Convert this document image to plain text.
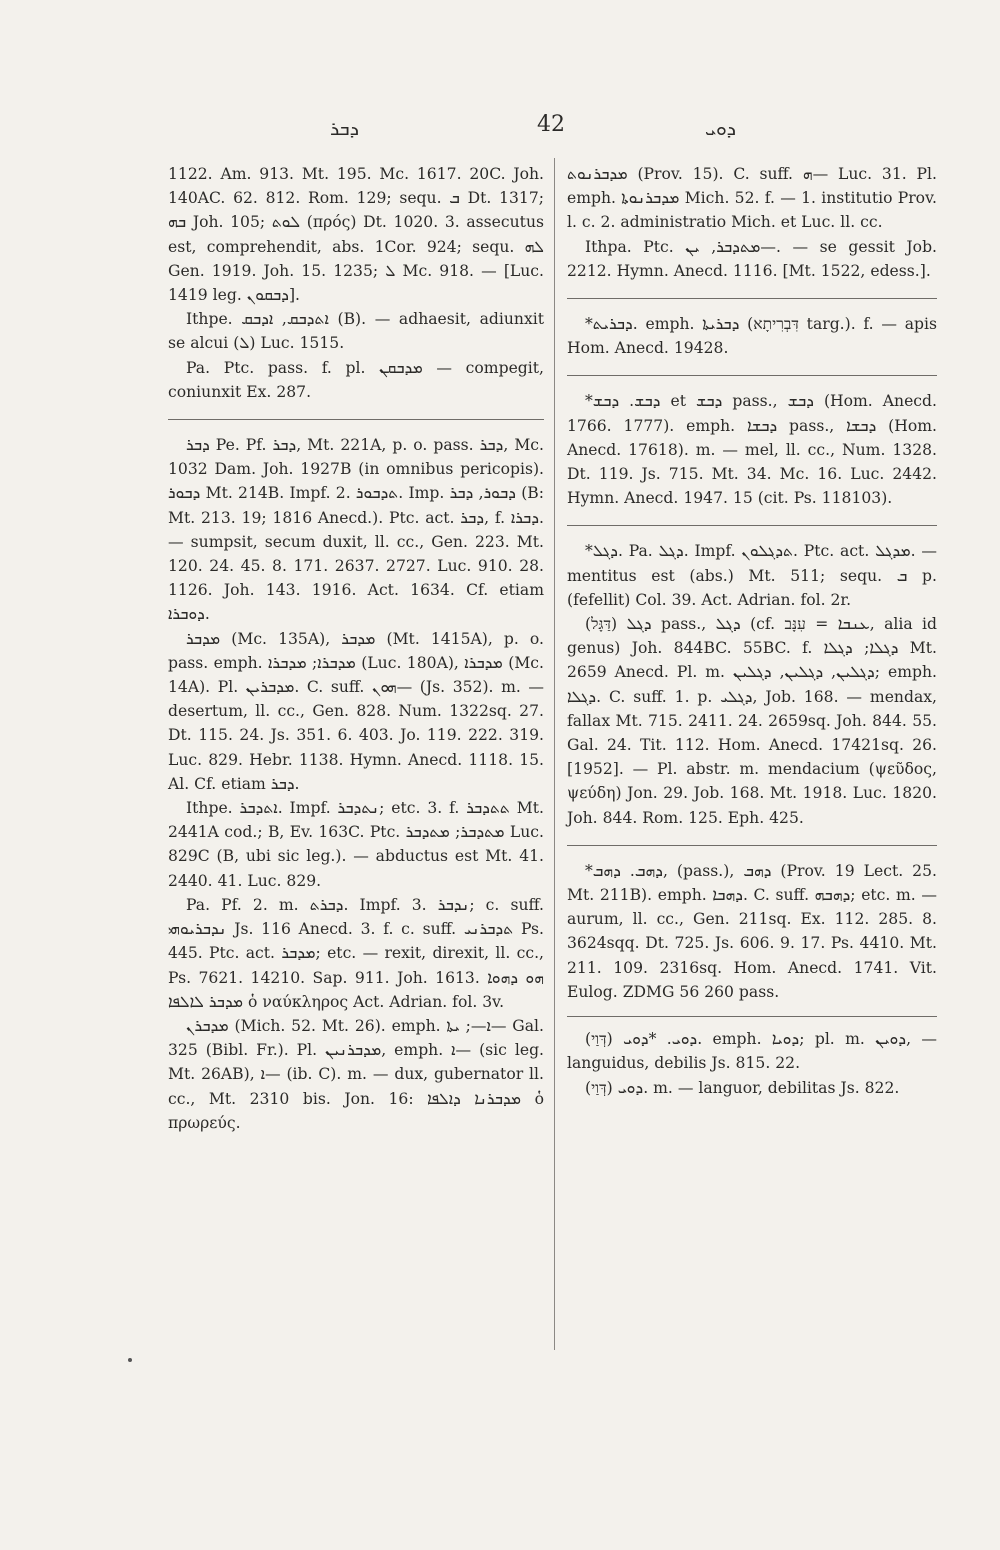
ܕܒܪ	42	ܕܘܝ

1122. Am. 913. Mt. 195. Mc. 1617. 20C. Joh. 140AC. 62. 812. Rom. 129; sequ. ܒ Dt. 1317; ܒܗ Joh. 105; ܠܘܬ (πρός) Dt. 1020. 3. assecutus est, comprehendit, abs. 1Cor. 924; sequ. ܠܗ Gen. 1919. Joh. 15. 1235; ܠ Mc. 918. — [Luc. 1419 leg. ܕܒܩܘܢ].

Ithpe. ܐܬܕܒܩ, ܐܕܒܩ (B). — adhaesit, adiunxit se alcui (ܠ) Luc. 1515.

Pa. Ptc. pass. f. pl. ܡܕܒܩܢ — compegit, coniunxit Ex. 287.

ܕܒܪ Pe. Pf. ܕܒܪ, Mt. 221A, p. o. pass. ܕܒܪ, Mc. 1032 Dam. Joh. 1927B (in omnibus pericopis). ܕܒܘܪ Mt. 214B. Impf. 2. ܬܕܒܘܪ. Imp. ܕܒܘܪ, ܕܒܪ (B: Mt. 213. 19; 1816 Anecd.). Ptc. act. ܕܒܪ, f. ܕܒܪܐ. — sumpsit, secum duxit, ll. cc., Gen. 223. Mt. 120. 24. 45. 8. 171. 2637. 2727. Luc. 910. 28. 1126. Joh. 143. 1916. Act. 1634. Cf. etiam ܕܘܒܪܐ.

ܡܕܒܪ (Mc. 135A), ܡܕܒܪ (Mt. 1415A), p. o. pass. emph. ܡܕܒܪܐ; ܡܕܒܪܐ (Luc. 180A), ܡܕܒܪܐ (Mc. 14A). Pl. ܡܕܒܪܝܢ. C. suff. ܗܘܢ— (Js. 352). m. — desertum, ll. cc., Gen. 828. Num. 1322sq. 27. Dt. 115. 24. Js. 351. 6. 403. Jo. 119. 222. 319. Luc. 829. Hebr. 1138. Hymn. Anecd. 1118. 15. Al. Cf. etiam ܕܒܪ.

Ithpe. ܐܬܕܒܪ. Impf. ܢܬܕܒܪ; etc. 3. f. ܬܬܕܒܪ Mt. 2441A cod.; B, Ev. 163C. Ptc. ܡܬܕܒܪ; ܡܬܕܒܪ Luc. 829C (B, ubi sic leg.). — abductus est Mt. 41. 2440. 41. Luc. 829.

Pa. Pf. 2. m. ܕܒܪܬ. Impf. 3. ܢܕܒܪ; c. suff. ܢܕܒܪܝܘܗܝ Js. 116 Anecd. 3. f. c. suff. ܬܕܒܪܢܝ Ps. 445. Ptc. act. ܡܕܒܪ; etc. — rexit, direxit, ll. cc., Ps. 7621. 14210. Sap. 911. Joh. 1613. ܗܘ ܕܗܘܐ ܡܕܒܪ ܠܐܠܦܐ ὁ ναύκληρος Act. Adrian. fol. 3v.

ܡܕܒܪܢ (Mich. 52. Mt. 26). emph. ܐ—; ܝܬܐ— Gal. 325 (Bibl. Fr.). Pl. ܡܕܒܪܢܝܢ, emph. ܐ— (sic leg. Mt. 26AB), ܐ— (ib. C). m. — dux, gubernator ll. cc., Mt. 2310 bis. Jon. 16: ܡܕܒܪܢܐ ܕܐܠܦܐ ὁ πρωρεύς.

ܡܕܒܪܢܘܬ (Prov. 15). C. suff. ܗ— Luc. 31. Pl. emph. ܡܕܒܪܢܘܬܐ Mich. 52. f. — 1. institutio Prov. l. c. 2. administratio Mich. et Luc. ll. cc.

Ithpa. Ptc. ܡܬܕܒܪ, ܝܢ—. — se gessit Job. 2212. Hymn. Anecd. 1116. [Mt. 1522, edess.].

*ܕܒܪܝܬ. emph. ܕܒܪܝܬܐ (דִּבְרִיתָא targ.). f. — apis Hom. Anecd. 19428.

*ܕܒܫ. ܕܒܫ et ܕܒܫ pass., ܕܒܫ (Hom. Anecd. 1766. 1777). emph. ܕܒܫܐ pass., ܕܒܫܐ (Hom. Anecd. 17618). m. — mel, ll. cc., Num. 1328. Dt. 119. Js. 715. Mt. 34. Mc. 16. Luc. 2442. Hymn. Anecd. 1947. 15 (cit. Ps. 118103).

*ܕܓܠ. Pa. ܕܓܠ. Impf. ܬܕܓܠܘܢ. Ptc. act. ܡܕܓܠ. — mentitus est (abs.) Mt. 511; sequ. ܒ p. (fefellit) Col. 39. Act. Adrian. fol. 2r.

ܕܓܠ (דַּגָּל) pass., ܕܓܠ (cf. ܥܢܒܐ = עִנָּב, alia id genus) Joh. 844BC. 55BC. f. ܕܓܠܐ; ܕܓܠܐ Mt. 2659 Anecd. Pl. m. ܕܓܠܝܢ, ܕܓܠܝܢ, ܕܓܠܝܢ; emph. ܕܓܠܐ. C. suff. 1. p. ܕܓܠܝ, Job. 168. — mendax, fallax Mt. 715. 2411. 24. 2659sq. Joh. 844. 55. Gal. 24. Tit. 112. Hom. Anecd. 17421sq. 26. [1952]. — Pl. abstr. m. mendacium (ψεῦδος, ψεύδη) Jon. 29. Job. 168. Mt. 1918. Luc. 1820. Joh. 844. Rom. 125. Eph. 425.

*ܕܗܒ. ܕܗܒ, (pass.), ܕܗܒ (Prov. 19 Lect. 25. Mt. 211B). emph. ܕܗܒܐ. C. suff. ܕܗܒܗ; etc. m. — aurum, ll. cc., Gen. 211sq. Ex. 112. 285. 8. 3624sqq. Dt. 725. Js. 606. 9. 17. Ps. 4410. Mt. 211. 109. 2316sq. Hom. Anecd. 1741. Vit. Eulog. ZDMG 56 260 pass.

ܕܘܝ. *ܕܘܝ (דְּוַי). emph. ܕܘܝܐ; pl. m. ܕܘܝܢ, — languidus, debilis Js. 815. 22.

ܕܘܝ (דְּוַי). m. — languor, debilitas Js. 822.
